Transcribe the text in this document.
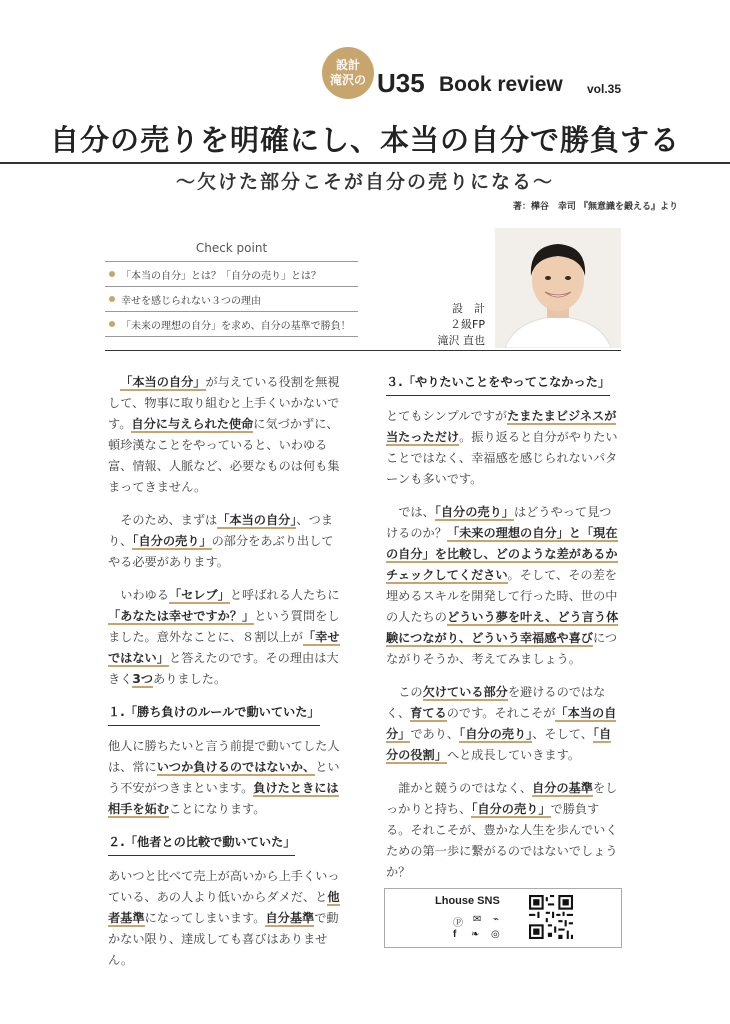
設計
滝沢の U35 Book review vol.35
自分の売りを明確にし、本当の自分で勝負する
〜欠けた部分こそが自分の売りになる〜
著：樺谷　幸司 『無意識を鍛える』より
Check point
「本当の自分」とは？「自分の売り」とは？
幸せを感じられない３つの理由
「未来の理想の自分」を求め、自分の基準で勝負！
設　計
２級FP
滝沢 直也

「本当の自分」が与えている役割を無視して、物事に取り組むと上手くいかないです。自分に与えられた使命に気づかずに、頓珍漢なことをやっていると、いわゆる富、情報、人脈など、必要なものは何も集まってきません。

そのため、まずは「本当の自分」、つまり、「自分の売り」の部分をあぶり出してやる必要があります。

いわゆる「セレブ」と呼ばれる人たちに「あなたは幸せですか？」という質問をしました。意外なことに、８割以上が「幸せではない」と答えたのです。その理由は大きく3つありました。

１.「勝ち負けのルールで動いていた」

他人に勝ちたいと言う前提で動いてした人は、常にいつか負けるのではないか、という不安がつきまといます。負けたときには相手を妬むことになります。

２.「他者との比較で動いていた」

あいつと比べて売上が高いから上手くいっている、あの人より低いからダメだ、と他者基準になってしまいます。自分基準で動かない限り、達成しても喜びはありません。

３.「やりたいことをやってこなかった」

とてもシンプルですがたまたまビジネスが当たっただけ。振り返ると自分がやりたいことではなく、幸福感を感じられないパターンも多いです。

では、「自分の売り」はどうやって見つけるのか？「未来の理想の自分」と「現在の自分」を比較し、どのような差があるかチェックしてください。そして、その差を埋めるスキルを開発して行った時、世の中の人たちのどういう夢を叶え、どう言う体験につながり、どういう幸福感や喜びにつながりそうか、考えてみましょう。

この欠けている部分を避けるのではなく、育てるのです。それこそが「本当の自分」であり、「自分の売り」、そして、「自分の役割」へと成長していきます。

誰かと競うのではなく、自分の基準をしっかりと持ち、「自分の売り」で勝負する。それこそが、豊かな人生を歩んでいくための第一歩に繋がるのではないでしょうか？

Lhouse SNS
Ⓟ ✉ ⌁
f ❧ ◎
